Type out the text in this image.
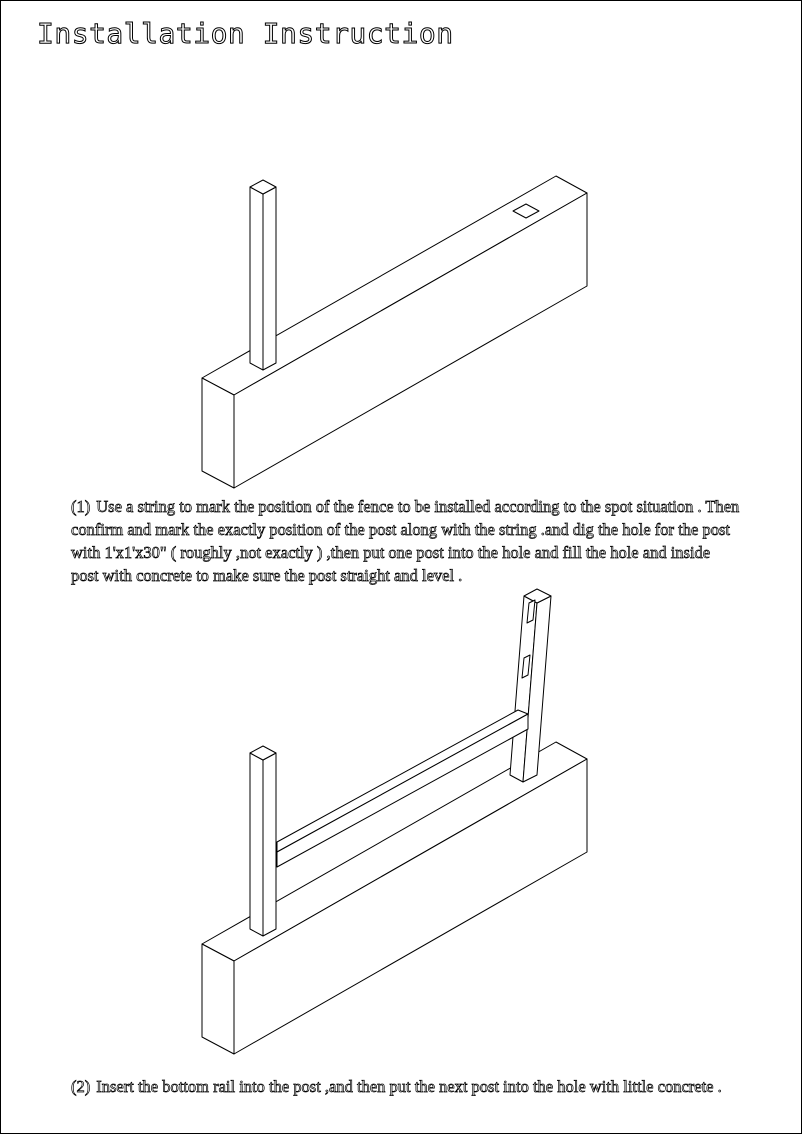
Installation Instruction

(1) Use a string to mark the position of the fence to be installed according to the spot situation . Then confirm and mark the exactly position of the post along with the string .and dig the hole for the post with 1'x1'x30" ( roughly ,not exactly ) ,then put one post into the hole and fill the hole and inside post with concrete to make sure the post straight and level .

(2) Insert the bottom rail into the post ,and then put the next post into the hole with little concrete .
